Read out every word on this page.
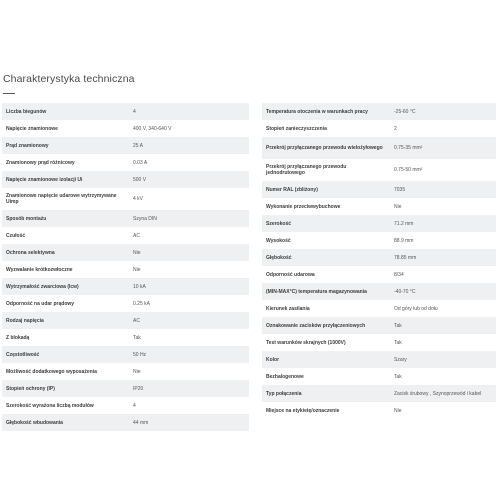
Charakterystyka techniczna
Liczba biegunów	4
Napięcie znamionowe	400 V, 340-640 V
Prąd znamionowy	25 A
Znamionowy prąd różnicowy	0.03 A
Napięcie znamionowe izolacji Ui	500 V
Znamionowe napięcie udarowe wytrzymywane Uimp	4 kV
Sposób montażu	Szyna DIN
Czułość	AC
Ochrona selektywna	Nie
Wyzwalanie krótkozwłoczne	Nie
Wytrzymałość zwarciowa (Icw)	10 kA
Odporność na udar prądowy	0.25 kA
Rodzaj napięcia	AC
Z blokadą	Tak
Częstotliwość	50 Hz
Możliwość dodatkowego wyposażenia	Nie
Stopień ochrony (IP)	IP20
Szerokość wyrażona liczbą modułów	4
Głębokość wbudowania	44 mm
Temperatura otoczenia w warunkach pracy	-25-60 °C
Stopień zanieczyszczenia	2
Przekrój przyłączanego przewodu wielożyłowego	0.75-35 mm²
Przekrój przyłączanego przewodu jednodrutowego	0.75-50 mm²
Numer RAL (zbliżony)	7035
Wykonanie przeciwwybuchowe	Nie
Szerokość	71.2 mm
Wysokość	88.9 mm
Głębokość	78.85 mm
Odporność udarowa	8/34
(MIN-MAX°C) temperatura magazynowania	-40-70 °C
Kierunek zasilania	Od góry lub od dołu
Oznakowanie zacisków przyłączeniowych	Tak
Test warunków skrajnych (1000V)	Tak
Kolor	Szary
Bezhalogenowe	Tak
Typ połączenia	Zacisk śrubowy , Szynoprzewód i kabel
Miejsce na etykietę/oznaczenie	Nie
